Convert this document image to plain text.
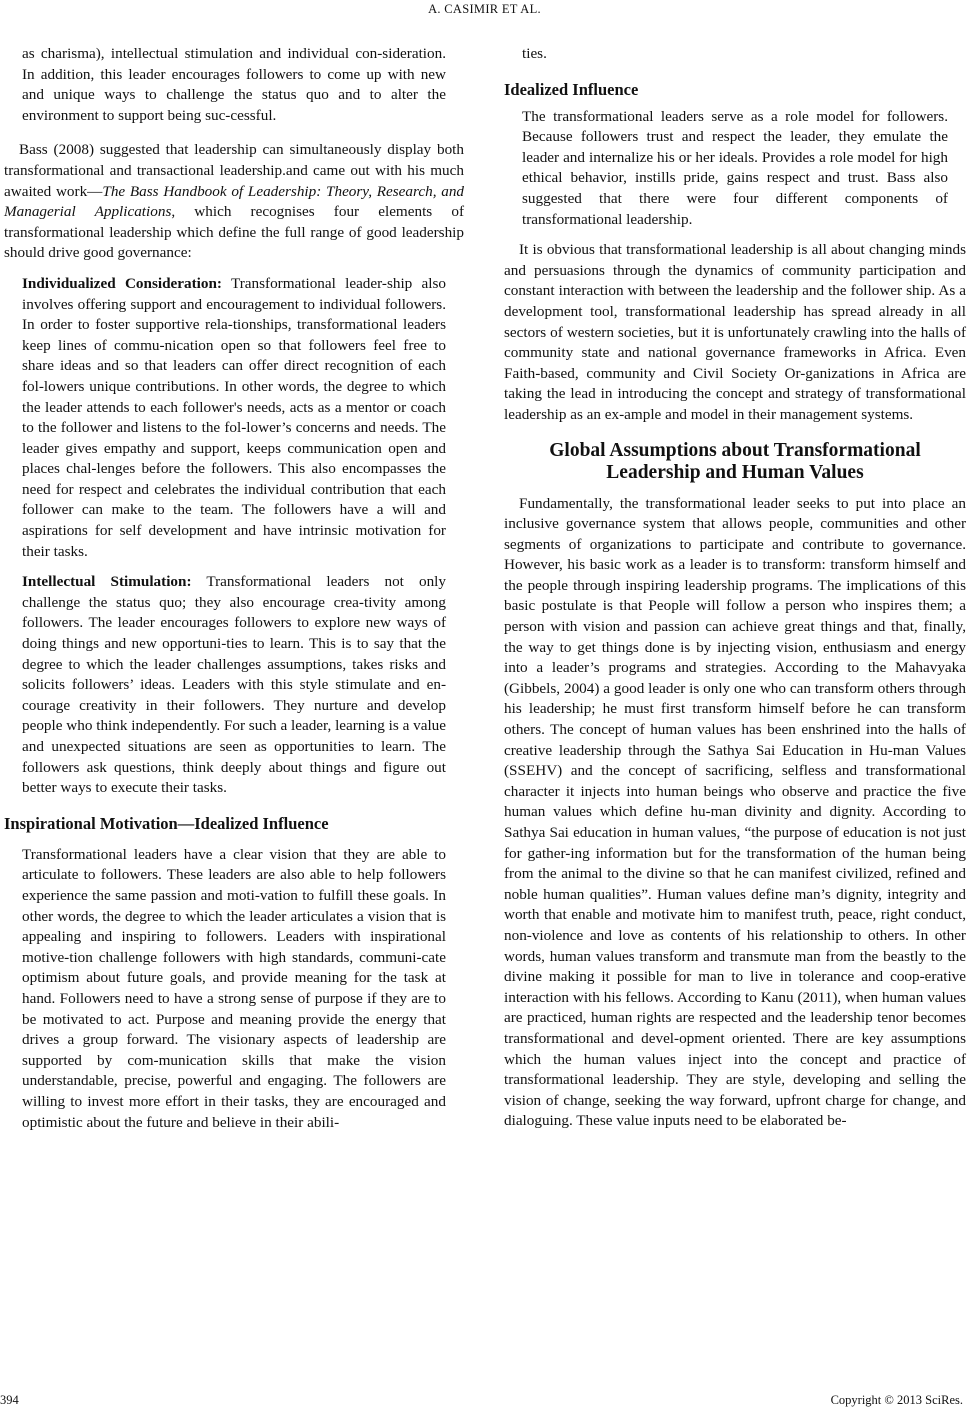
A. CASIMIR ET AL.

as charisma), intellectual stimulation and individual con-sideration. In addition, this leader encourages followers to come up with new and unique ways to challenge the status quo and to alter the environment to support being suc-cessful.

Bass (2008) suggested that leadership can simultaneously display both transformational and transactional leadership.and came out with his much awaited work—The Bass Handbook of Leadership: Theory, Research, and Managerial Applications, which recognises four elements of transformational leadership which define the full range of good leadership should drive good governance:

Individualized Consideration: Transformational leader-ship also involves offering support and encouragement to individual followers. In order to foster supportive rela-tionships, transformational leaders keep lines of commu-nication open so that followers feel free to share ideas and so that leaders can offer direct recognition of each fol-lowers unique contributions. In other words, the degree to which the leader attends to each follower's needs, acts as a mentor or coach to the follower and listens to the fol-lower’s concerns and needs. The leader gives empathy and support, keeps communication open and places chal-lenges before the followers. This also encompasses the need for respect and celebrates the individual contribution that each follower can make to the team. The followers have a will and aspirations for self development and have intrinsic motivation for their tasks.

Intellectual Stimulation: Transformational leaders not only challenge the status quo; they also encourage crea-tivity among followers. The leader encourages followers to explore new ways of doing things and new opportuni-ties to learn. This is to say that the degree to which the leader challenges assumptions, takes risks and solicits followers’ ideas. Leaders with this style stimulate and en-courage creativity in their followers. They nurture and develop people who think independently. For such a leader, learning is a value and unexpected situations are seen as opportunities to learn. The followers ask questions, think deeply about things and figure out better ways to execute their tasks.

Inspirational Motivation—Idealized Influence

Transformational leaders have a clear vision that they are able to articulate to followers. These leaders are also able to help followers experience the same passion and moti-vation to fulfill these goals. In other words, the degree to which the leader articulates a vision that is appealing and inspiring to followers. Leaders with inspirational motive-tion challenge followers with high standards, communi-cate optimism about future goals, and provide meaning for the task at hand. Followers need to have a strong sense of purpose if they are to be motivated to act. Purpose and meaning provide the energy that drives a group forward. The visionary aspects of leadership are supported by com-munication skills that make the vision understandable, precise, powerful and engaging. The followers are willing to invest more effort in their tasks, they are encouraged and optimistic about the future and believe in their abili-

ties.

Idealized Influence

The transformational leaders serve as a role model for followers. Because followers trust and respect the leader, they emulate the leader and internalize his or her ideals. Provides a role model for high ethical behavior, instills pride, gains respect and trust. Bass also suggested that there were four different components of transformational leadership.

It is obvious that transformational leadership is all about changing minds and persuasions through the dynamics of community participation and constant interaction with between the leadership and the follower ship. As a development tool, transformational leadership has spread already in all sectors of western societies, but it is unfortunately crawling into the halls of community state and national governance frameworks in Africa. Even Faith-based, community and Civil Society Or-ganizations in Africa are taking the lead in introducing the concept and strategy of transformational leadership as an ex-ample and model in their management systems.

Global Assumptions about Transformational
Leadership and Human Values

Fundamentally, the transformational leader seeks to put into place an inclusive governance system that allows people, communities and other segments of organizations to participate and contribute to governance. However, his basic work as a leader is to transform: transform himself and the people through inspiring leadership programs. The implications of this basic postulate is that People will follow a person who inspires them; a person with vision and passion can achieve great things and that, finally, the way to get things done is by injecting vision, enthusiasm and energy into a leader’s programs and strategies. According to the Mahavyaka (Gibbels, 2004) a good leader is only one who can transform others through his leadership; he must first transform himself before he can transform others. The concept of human values has been enshrined into the halls of creative leadership through the Sathya Sai Education in Hu-man Values (SSEHV) and the concept of sacrificing, selfless and transformational character it injects into human beings who observe and practice the five human values which define hu-man divinity and dignity. According to Sathya Sai education in human values, “the purpose of education is not just for gather-ing information but for the transformation of the human being from the animal to the divine so that he can manifest civilized, refined and noble human qualities”. Human values define man’s dignity, integrity and worth that enable and motivate him to manifest truth, peace, right conduct, non-violence and love as contents of his relationship to others. In other words, human values transform and transmute man from the beastly to the divine making it possible for man to live in tolerance and coop-erative interaction with his fellows. According to Kanu (2011), when human values are practiced, human rights are respected and the leadership tenor becomes transformational and devel-opment oriented. There are key assumptions which the human values inject into the concept and practice of transformational leadership. They are style, developing and selling the vision of change, seeking the way forward, upfront charge for change, and dialoguing. These value inputs need to be elaborated be-

394	Copyright © 2013 SciRes.
